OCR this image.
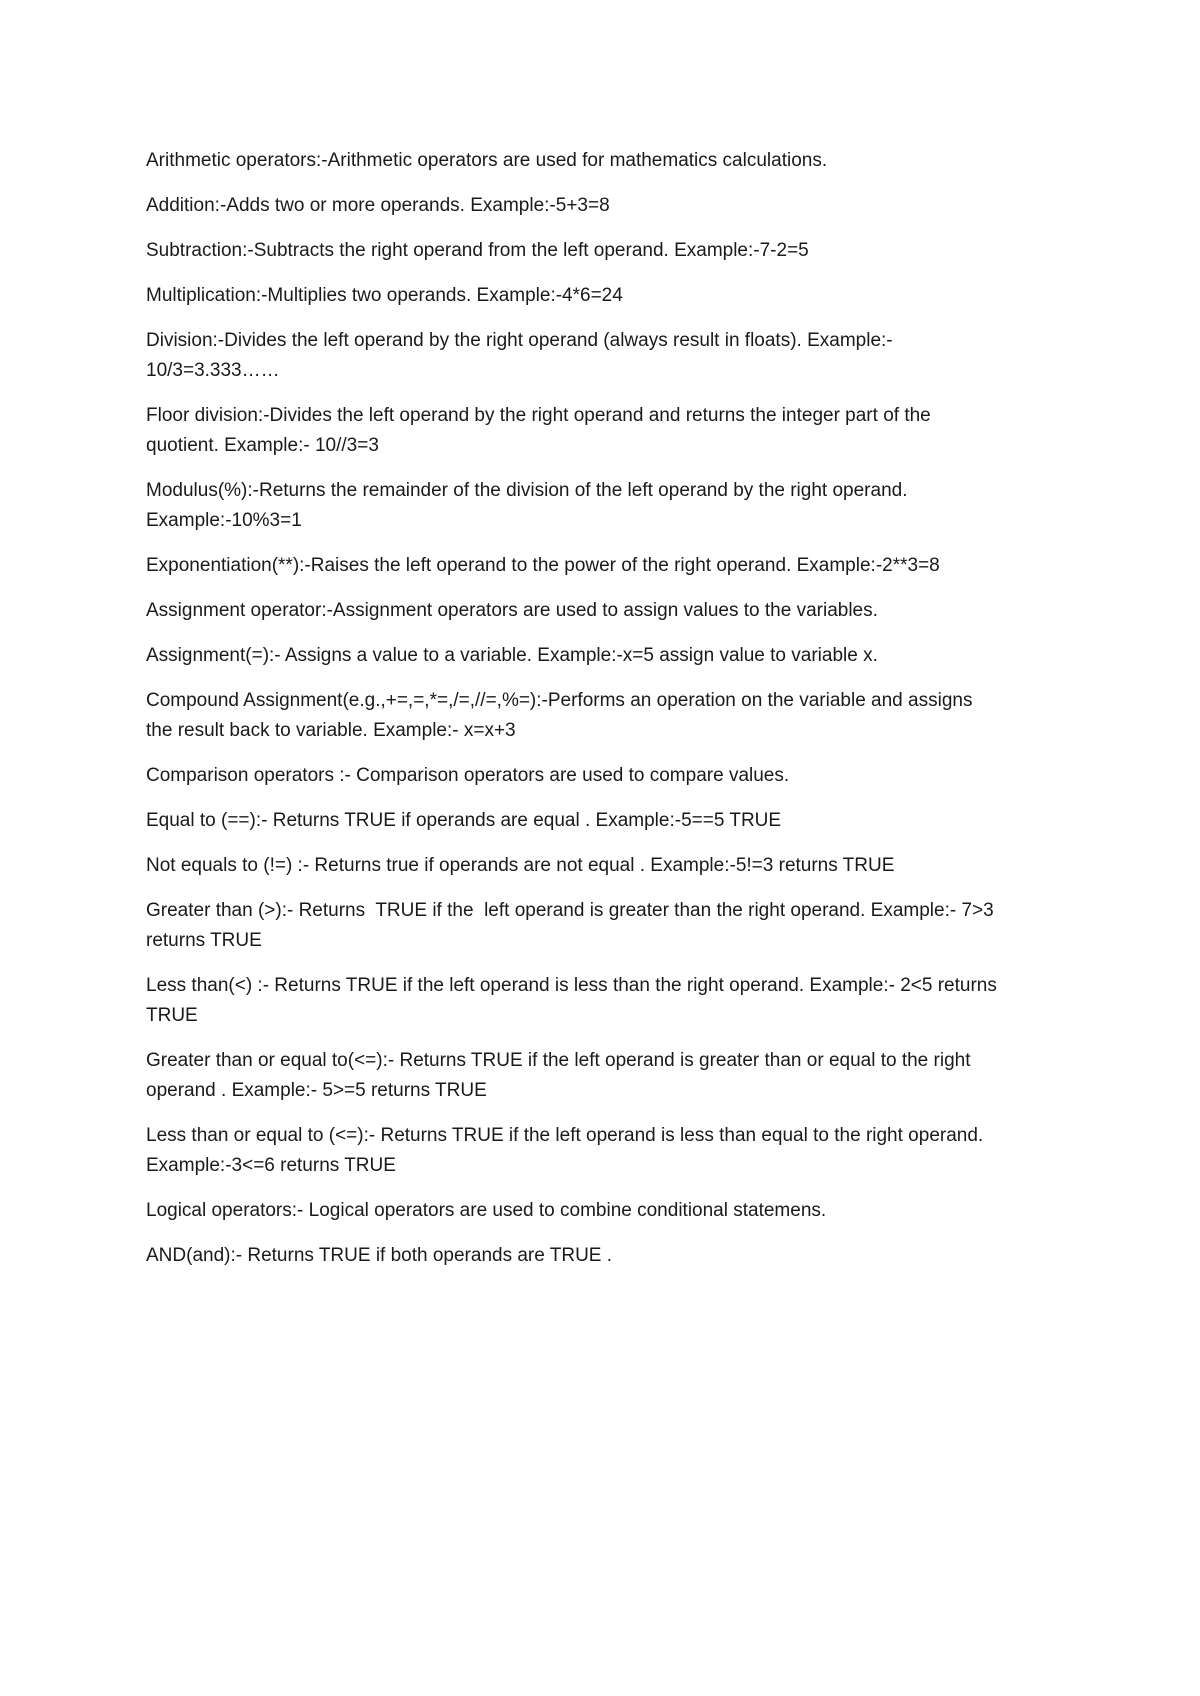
Arithmetic operators:-Arithmetic operators are used for mathematics calculations.

Addition:-Adds two or more operands. Example:-5+3=8

Subtraction:-Subtracts the right operand from the left operand. Example:-7-2=5

Multiplication:-Multiplies two operands. Example:-4*6=24

Division:-Divides the left operand by the right operand (always result in floats). Example:-
10/3=3.333……

Floor division:-Divides the left operand by the right operand and returns the integer part of the
quotient. Example:- 10//3=3

Modulus(%):-Returns the remainder of the division of the left operand by the right operand.
Example:-10%3=1

Exponentiation(**):-Raises the left operand to the power of the right operand. Example:-2**3=8

Assignment operator:-Assignment operators are used to assign values to the variables.

Assignment(=):- Assigns a value to a variable. Example:-x=5 assign value to variable x.

Compound Assignment(e.g.,+=,=,*=,/=,//=,%=):-Performs an operation on the variable and assigns
the result back to variable. Example:- x=x+3

Comparison operators :- Comparison operators are used to compare values.

Equal to (==):- Returns TRUE if operands are equal . Example:-5==5 TRUE

Not equals to (!=) :- Returns true if operands are not equal . Example:-5!=3 returns TRUE

Greater than (>):- Returns  TRUE if the  left operand is greater than the right operand. Example:- 7>3
returns TRUE

Less than(<) :- Returns TRUE if the left operand is less than the right operand. Example:- 2<5 returns
TRUE

Greater than or equal to(<=):- Returns TRUE if the left operand is greater than or equal to the right
operand . Example:- 5>=5 returns TRUE

Less than or equal to (<=):- Returns TRUE if the left operand is less than equal to the right operand.
Example:-3<=6 returns TRUE

Logical operators:- Logical operators are used to combine conditional statemens.

AND(and):- Returns TRUE if both operands are TRUE .
